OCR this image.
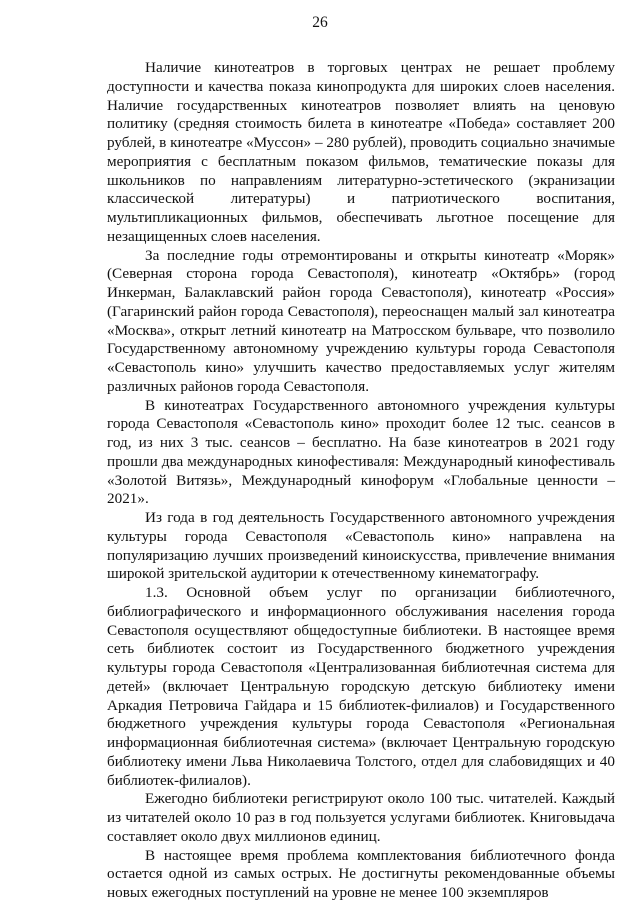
26

Наличие кинотеатров в торговых центрах не решает проблему доступности и качества показа кинопродукта для широких слоев населения. Наличие государственных кинотеатров позволяет влиять на ценовую политику (средняя стоимость билета в кинотеатре «Победа» составляет 200 рублей, в кинотеатре «Муссон» – 280 рублей), проводить социально значимые мероприятия с бесплатным показом фильмов, тематические показы для школьников по направлениям литературно-эстетического (экранизации классической литературы) и патриотического воспитания, мультипликационных фильмов, обеспечивать льготное посещение для незащищенных слоев населения.

За последние годы отремонтированы и открыты кинотеатр «Моряк» (Северная сторона города Севастополя), кинотеатр «Октябрь» (город Инкерман, Балаклавский район города Севастополя), кинотеатр «Россия» (Гагаринский район города Севастополя), переоснащен малый зал кинотеатра «Москва», открыт летний кинотеатр на Матросском бульваре, что позволило Государственному автономному учреждению культуры города Севастополя «Севастополь кино» улучшить качество предоставляемых услуг жителям различных районов города Севастополя.

В кинотеатрах Государственного автономного учреждения культуры города Севастополя «Севастополь кино» проходит более 12 тыс. сеансов в год, из них 3 тыс. сеансов – бесплатно. На базе кинотеатров в 2021 году прошли два международных кинофестиваля: Международный кинофестиваль «Золотой Витязь», Международный кинофорум «Глобальные ценности – 2021».

Из года в год деятельность Государственного автономного учреждения культуры города Севастополя «Севастополь кино» направлена на популяризацию лучших произведений киноискусства, привлечение внимания широкой зрительской аудитории к отечественному кинематографу.

1.3. Основной объем услуг по организации библиотечного, библиографического и информационного обслуживания населения города Севастополя осуществляют общедоступные библиотеки. В настоящее время сеть библиотек состоит из Государственного бюджетного учреждения культуры города Севастополя «Централизованная библиотечная система для детей» (включает Центральную городскую детскую библиотеку имени Аркадия Петровича Гайдара и 15 библиотек-филиалов) и Государственного бюджетного учреждения культуры города Севастополя «Региональная информационная библиотечная система» (включает Центральную городскую библиотеку имени Льва Николаевича Толстого, отдел для слабовидящих и 40 библиотек-филиалов).

Ежегодно библиотеки регистрируют около 100 тыс. читателей. Каждый из читателей около 10 раз в год пользуется услугами библиотек. Книговыдача составляет около двух миллионов единиц.

В настоящее время проблема комплектования библиотечного фонда остается одной из самых острых. Не достигнуты рекомендованные объемы новых ежегодных поступлений на уровне не менее 100 экземпляров
